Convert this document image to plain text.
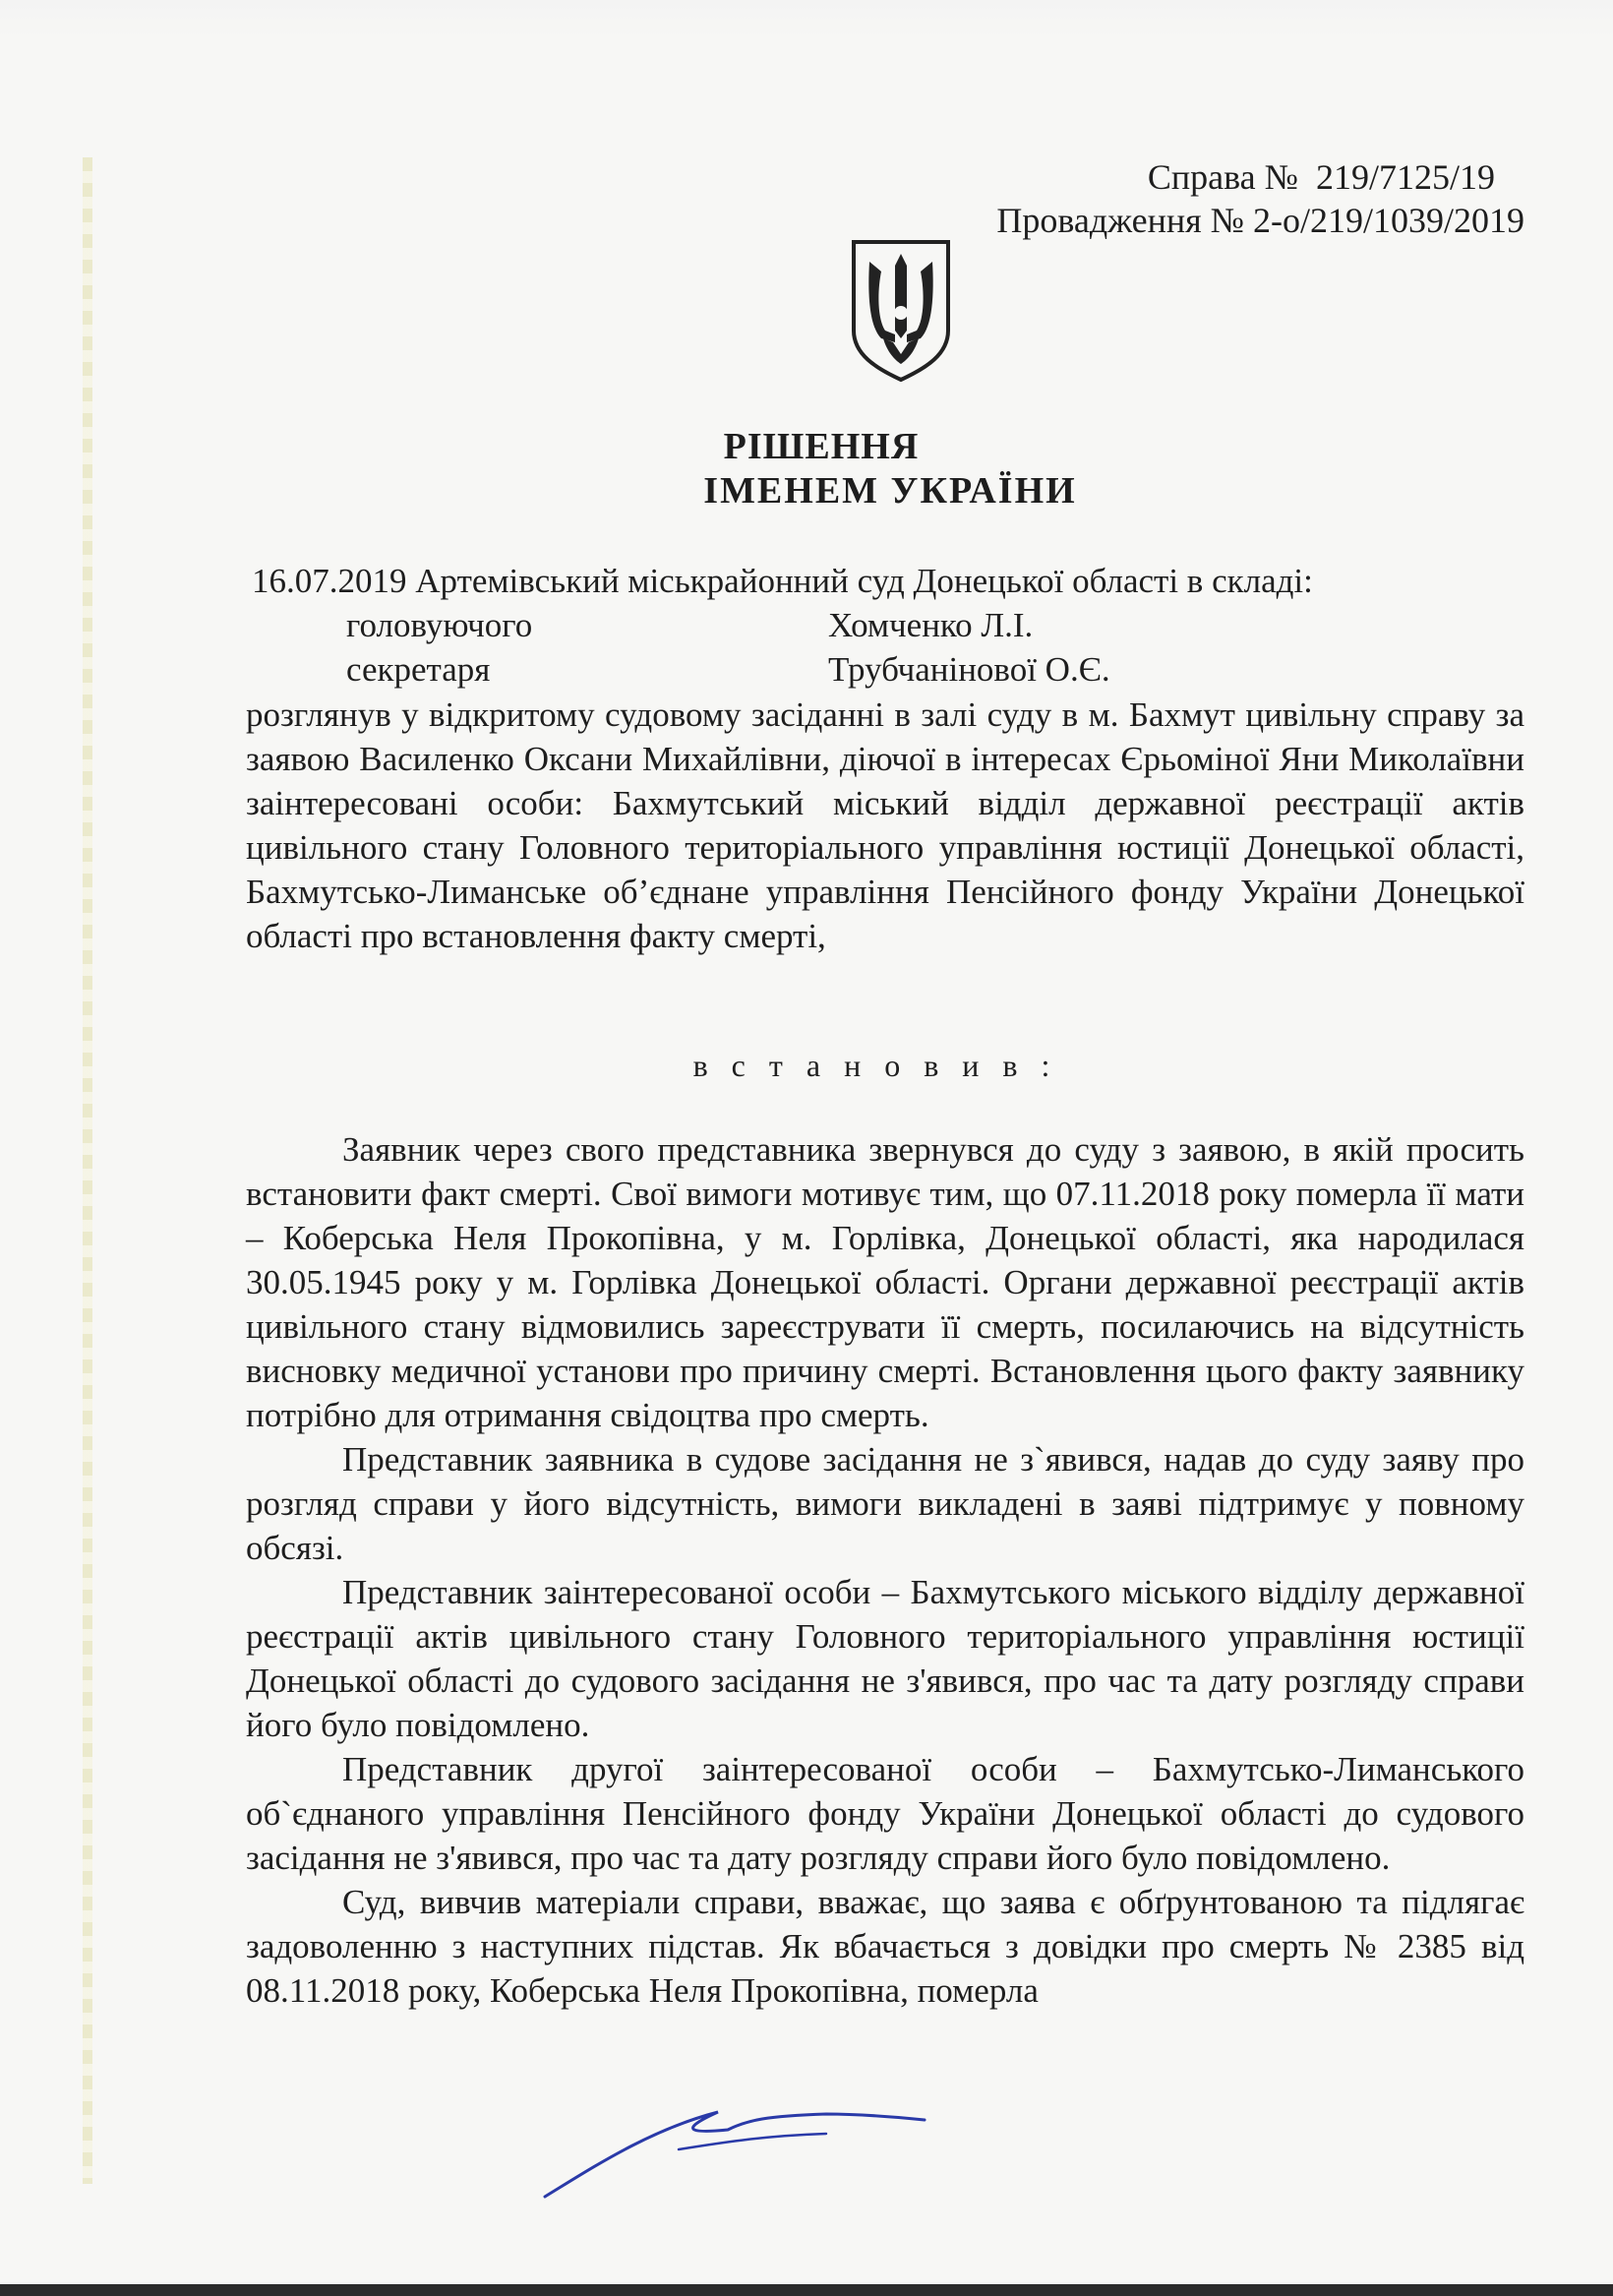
Справа №  219/7125/19
Провадження № 2-о/219/1039/2019
РІШЕННЯ
ІМЕНЕМ УКРАЇНИ
16.07.2019 Артемівський міськрайонний суд Донецької області в складі:
головуючого	Хомченко Л.І.
секретаря	Трубчанінової О.Є.

розглянув у відкритому судовому засіданні в залі суду в м. Бахмут цивільну справу за заявою Василенко Оксани Михайлівни, діючої в інтересах Єрьоміної Яни Миколаївни заінтересовані особи: Бахмутський міський відділ державної реєстрації актів цивільного стану Головного територіального управління юстиції Донецької області, Бахмутсько-Лиманське об’єднане управління Пенсійного фонду України Донецької області про встановлення факту смерті,

в с т а н о в и в :

Заявник через свого представника звернувся до суду з заявою, в якій просить встановити факт смерті. Свої вимоги мотивує тим, що 07.11.2018 року померла її мати – Коберська Неля Прокопівна, у м. Горлівка, Донецької області, яка народилася 30.05.1945 року у м. Горлівка Донецької області. Органи державної реєстрації актів цивільного стану відмовились зареєструвати її смерть, посилаючись на відсутність висновку медичної установи про причину смерті. Встановлення цього факту заявнику потрібно для отримання свідоцтва про смерть.

Представник заявника в судове засідання не з`явився, надав до суду заяву про розгляд справи у його відсутність, вимоги викладені в заяві підтримує у повному обсязі.

Представник заінтересованої особи – Бахмутського міського відділу державної реєстрації актів цивільного стану Головного територіального управління юстиції Донецької області до судового засідання не з'явився, про час та дату розгляду справи його було повідомлено.

Представник другої заінтересованої особи – Бахмутсько-Лиманського об`єднаного управління Пенсійного фонду України Донецької області до судового засідання не з'явився, про час та дату розгляду справи його було повідомлено.

Суд, вивчив матеріали справи, вважає, що заява є обґрунтованою та підлягає задоволенню з наступних підстав. Як вбачається з довідки про смерть № 2385 від 08.11.2018 року, Коберська Неля Прокопівна, померла
